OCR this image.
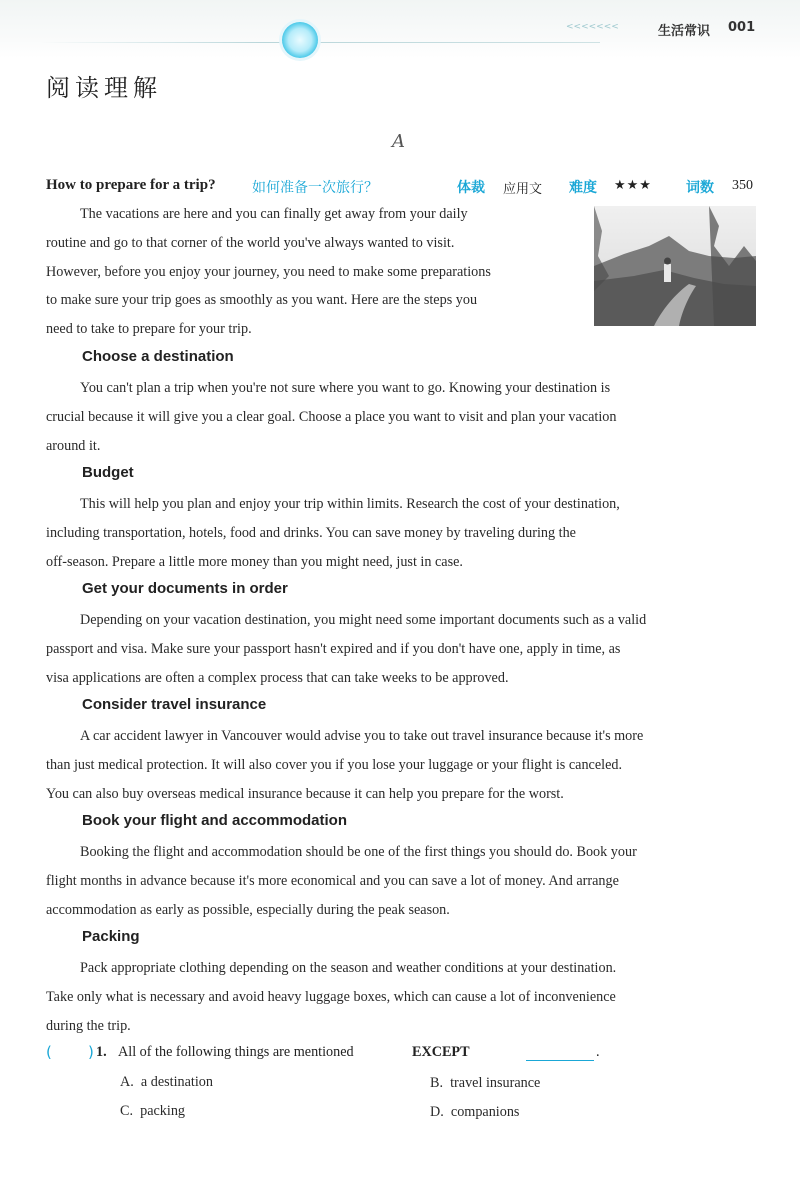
<<<<<<<	生活常识 001
阅读理解
A
How to prepare for a trip?	如何准备一次旅行？	体裁 应用文 难度 ★★★ 词数 350
The vacations are here and you can finally get away from your daily
routine and go to that corner of the world you've always wanted to visit.
However, before you enjoy your journey, you need to make some preparations
to make sure your trip goes as smoothly as you want. Here are the steps you
need to take to prepare for your trip.
Choose a destination
You can't plan a trip when you're not sure where you want to go. Knowing your destination is
crucial because it will give you a clear goal. Choose a place you want to visit and plan your vacation
around it.
Budget
This will help you plan and enjoy your trip within limits. Research the cost of your destination,
including transportation, hotels, food and drinks. You can save money by traveling during the
off-season. Prepare a little more money than you might need, just in case.
Get your documents in order
Depending on your vacation destination, you might need some important documents such as a valid
passport and visa. Make sure your passport hasn't expired and if you don't have one, apply in time, as
visa applications are often a complex process that can take weeks to be approved.
Consider travel insurance
A car accident lawyer in Vancouver would advise you to take out travel insurance because it's more
than just medical protection. It will also cover you if you lose your luggage or your flight is canceled.
You can also buy overseas medical insurance because it can help you prepare for the worst.
Book your flight and accommodation
Booking the flight and accommodation should be one of the first things you should do. Book your
flight months in advance because it's more economical and you can save a lot of money. And arrange
accommodation as early as possible, especially during the peak season.
Packing
Pack appropriate clothing depending on the season and weather conditions at your destination.
Take only what is necessary and avoid heavy luggage boxes, which can cause a lot of inconvenience
during the trip.
( ) 1. All of the following things are mentioned	EXCEPT	.
A. a destination	B. travel insurance
C. packing	D. companions
